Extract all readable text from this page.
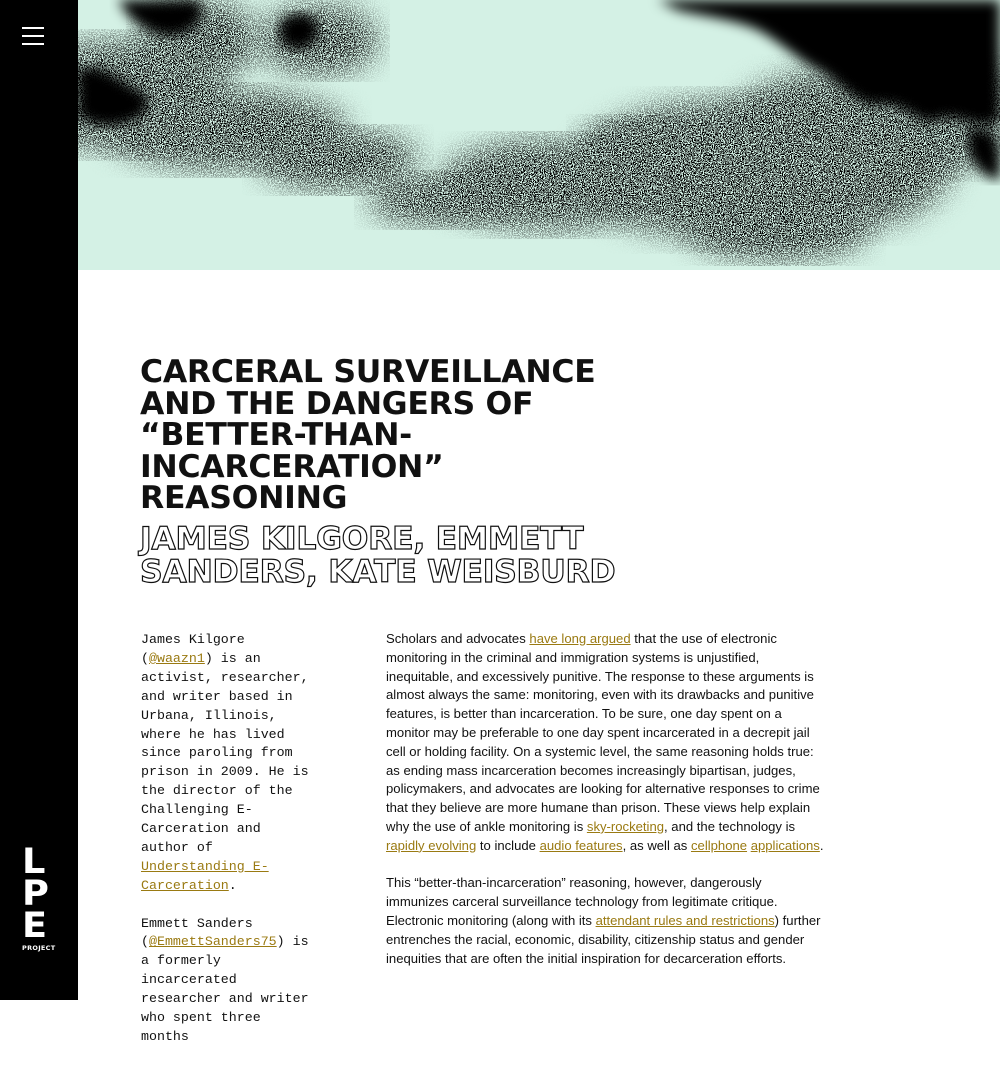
L
P
E
PROJECT
CARCERAL SURVEILLANCE
AND THE DANGERS OF
“BETTER-THAN-
INCARCERATION” REASONING
JAMES KILGORE, EMMETT
SANDERS, KATE WEISBURD

James Kilgore (@waazn1) is an activist, researcher, and writer based in Urbana, Illinois, where he has lived since paroling from prison in 2009. He is the director of the Challenging E-Carceration and author of Understanding E-Carceration.

Emmett Sanders (@EmmettSanders75) is a formerly incarcerated researcher and writer who spent three months

Scholars and advocates have long argued that the use of electronic monitoring in the criminal and immigration systems is unjustified, inequitable, and excessively punitive. The response to these arguments is almost always the same: monitoring, even with its drawbacks and punitive features, is better than incarceration. To be sure, one day spent on a monitor may be preferable to one day spent incarcerated in a decrepit jail cell or holding facility. On a systemic level, the same reasoning holds true: as ending mass incarceration becomes increasingly bipartisan, judges, policymakers, and advocates are looking for alternative responses to crime that they believe are more humane than prison. These views help explain why the use of ankle monitoring is sky-rocketing, and the technology is rapidly evolving to include audio features, as well as cellphone applications.

This “better-than-incarceration” reasoning, however, dangerously immunizes carceral surveillance technology from legitimate critique. Electronic monitoring (along with its attendant rules and restrictions) further entrenches the racial, economic, disability, citizenship status and gender inequities that are often the initial inspiration for decarceration efforts.
